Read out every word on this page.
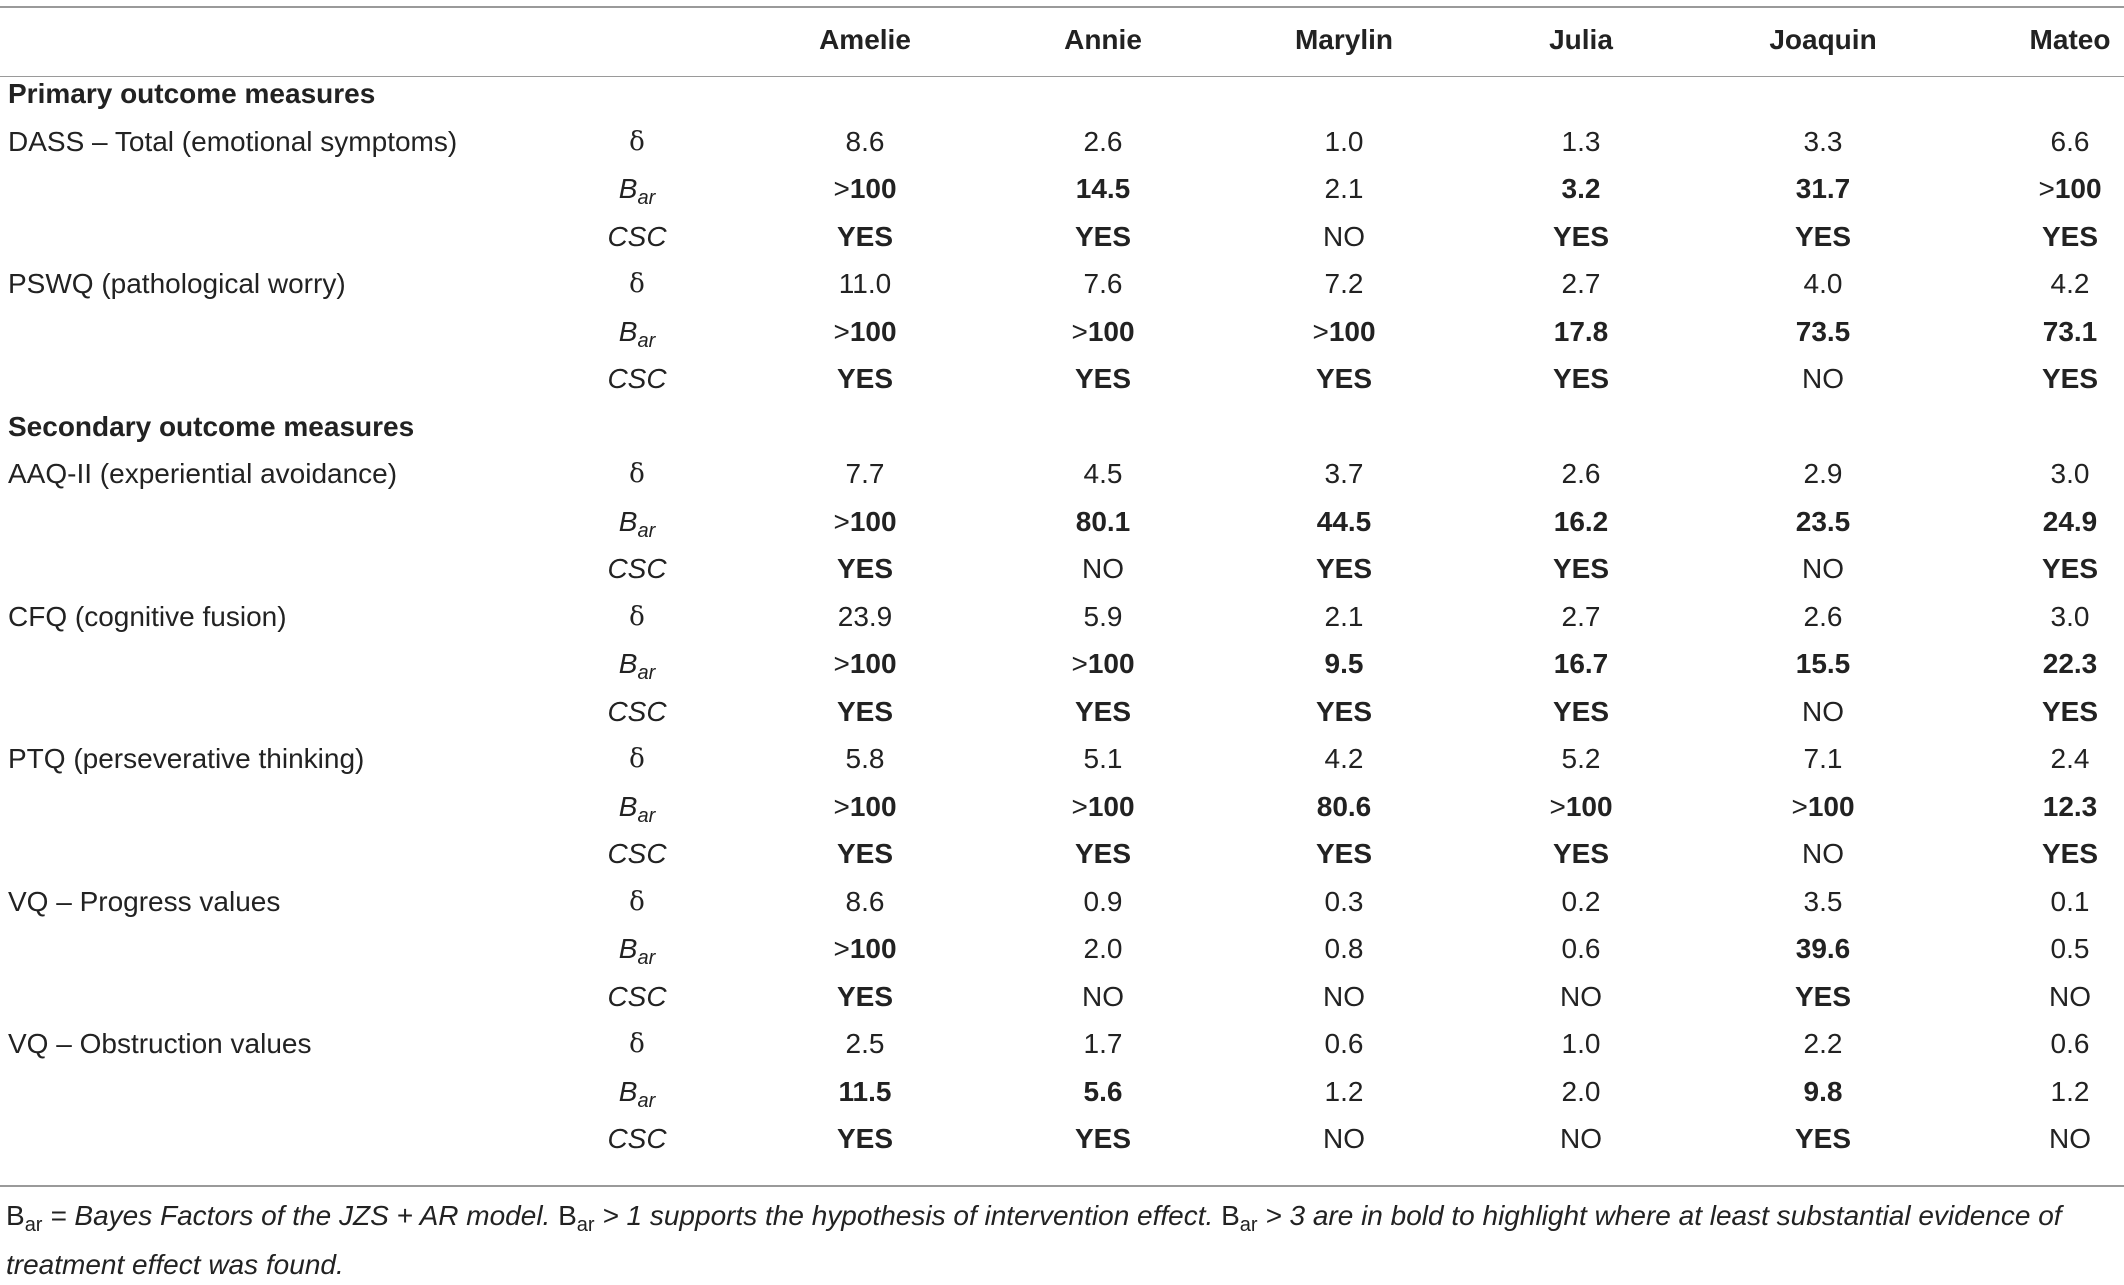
Amelie	Annie	Marylin	Julia	Joaquin	Mateo
Primary outcome measures
DASS – Total (emotional symptoms)	δ	8.6	2.6	1.0	1.3	3.3	6.6
$B_{ar}$	>100	14.5	2.1	3.2	31.7	>100
CSC	YES	YES	NO	YES	YES	YES
PSWQ (pathological worry)	δ	11.0	7.6	7.2	2.7	4.0	4.2
$B_{ar}$	>100	>100	>100	17.8	73.5	73.1
CSC	YES	YES	YES	YES	NO	YES
Secondary outcome measures
AAQ-II (experiential avoidance)	δ	7.7	4.5	3.7	2.6	2.9	3.0
$B_{ar}$	>100	80.1	44.5	16.2	23.5	24.9
CSC	YES	NO	YES	YES	NO	YES
CFQ (cognitive fusion)	δ	23.9	5.9	2.1	2.7	2.6	3.0
$B_{ar}$	>100	>100	9.5	16.7	15.5	22.3
CSC	YES	YES	YES	YES	NO	YES
PTQ (perseverative thinking)	δ	5.8	5.1	4.2	5.2	7.1	2.4
$B_{ar}$	>100	>100	80.6	>100	>100	12.3
CSC	YES	YES	YES	YES	NO	YES
VQ – Progress values	δ	8.6	0.9	0.3	0.2	3.5	0.1
$B_{ar}$	>100	2.0	0.8	0.6	39.6	0.5
CSC	YES	NO	NO	NO	YES	NO
VQ – Obstruction values	δ	2.5	1.7	0.6	1.0	2.2	0.6
$B_{ar}$	11.5	5.6	1.2	2.0	9.8	1.2
CSC	YES	YES	NO	NO	YES	NO
$B_{ar}$ = Bayes Factors of the JZS + AR model. $B_{ar} > 1$ supports the hypothesis of intervention effect. $B_{ar} > 3$ are in bold to highlight where at least substantial evidence of treatment effect was found.
